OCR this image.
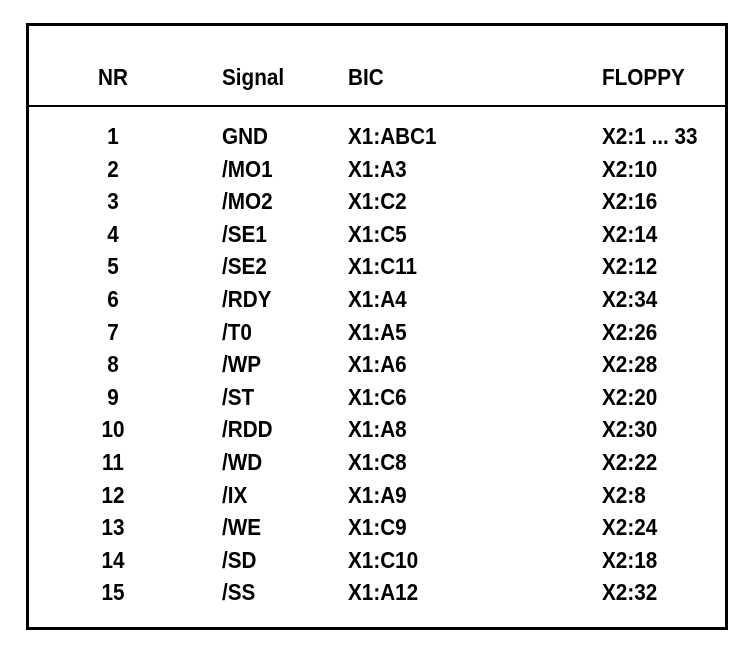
NR	Signal	BIC	FLOPPY
1	GND	X1:ABC1	X2:1 ... 33
2	/MO1	X1:A3	X2:10
3	/MO2	X1:C2	X2:16
4	/SE1	X1:C5	X2:14
5	/SE2	X1:C11	X2:12
6	/RDY	X1:A4	X2:34
7	/T0	X1:A5	X2:26
8	/WP	X1:A6	X2:28
9	/ST	X1:C6	X2:20
10	/RDD	X1:A8	X2:30
11	/WD	X1:C8	X2:22
12	/IX	X1:A9	X2:8
13	/WE	X1:C9	X2:24
14	/SD	X1:C10	X2:18
15	/SS	X1:A12	X2:32
